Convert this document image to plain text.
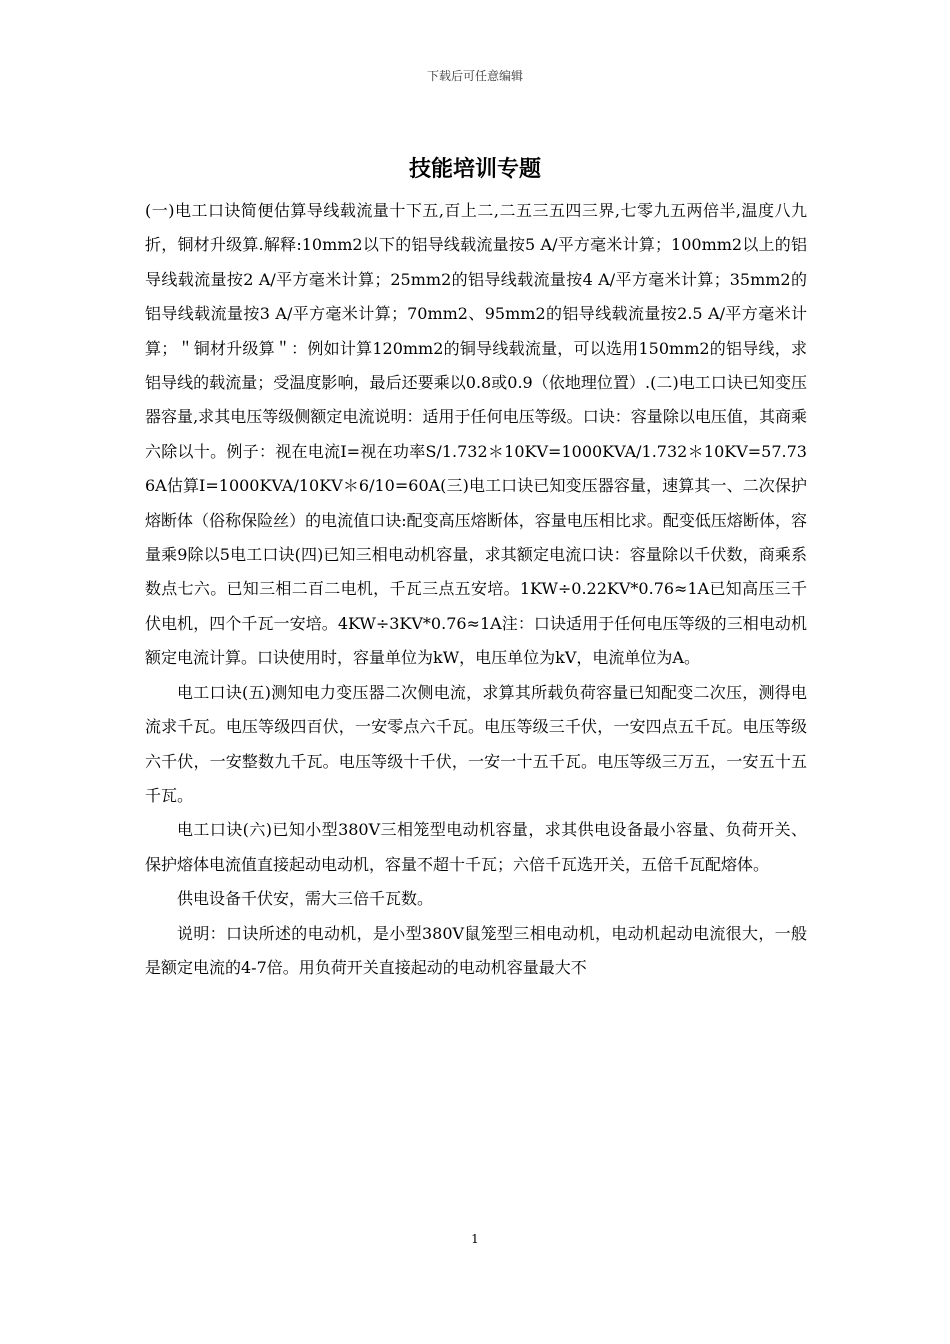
下载后可任意编辑
技能培训专题

(一)电工口诀简便估算导线载流量十下五,百上二,二五三五四三界,七零九五两倍半,温度八九折，铜材升级算.解释:10mm2以下的铝导线载流量按5 A/平方毫米计算；100mm2以上的铝导线载流量按2 A/平方毫米计算；25mm2的铝导线载流量按4 A/平方毫米计算；35mm2的铝导线载流量按3 A/平方毫米计算；70mm2、95mm2的铝导线载流量按2.5 A/平方毫米计算；＂铜材升级算＂：例如计算120mm2的铜导线载流量，可以选用150mm2的铝导线，求铝导线的载流量；受温度影响，最后还要乘以0.8或0.9（依地理位置）.(二)电工口诀已知变压器容量,求其电压等级侧额定电流说明：适用于任何电压等级。口诀：容量除以电压值，其商乘六除以十。例子：视在电流I=视在功率S/1.732＊10KV=1000KVA/1.732＊10KV=57.736A估算I=1000KVA/10KV＊6/10=60A(三)电工口诀已知变压器容量，速算其一、二次保护熔断体（俗称保险丝）的电流值口诀:配变高压熔断体，容量电压相比求。配变低压熔断体，容量乘9除以5电工口诀(四)已知三相电动机容量，求其额定电流口诀：容量除以千伏数，商乘系数点七六。已知三相二百二电机，千瓦三点五安培。1KW÷0.22KV*0.76≈1A已知高压三千伏电机，四个千瓦一安培。4KW÷3KV*0.76≈1A注：口诀适用于任何电压等级的三相电动机额定电流计算。口诀使用时，容量单位为kW，电压单位为kV，电流单位为A。

电工口诀(五)测知电力变压器二次侧电流，求算其所载负荷容量已知配变二次压，测得电流求千瓦。电压等级四百伏，一安零点六千瓦。电压等级三千伏，一安四点五千瓦。电压等级六千伏，一安整数九千瓦。电压等级十千伏，一安一十五千瓦。电压等级三万五，一安五十五千瓦。

电工口诀(六)已知小型380V三相笼型电动机容量，求其供电设备最小容量、负荷开关、保护熔体电流值直接起动电动机，容量不超十千瓦；六倍千瓦选开关，五倍千瓦配熔体。

供电设备千伏安，需大三倍千瓦数。

说明：口诀所述的电动机，是小型380V鼠笼型三相电动机，电动机起动电流很大，一般是额定电流的4-7倍。用负荷开关直接起动的电动机容量最大不

1
